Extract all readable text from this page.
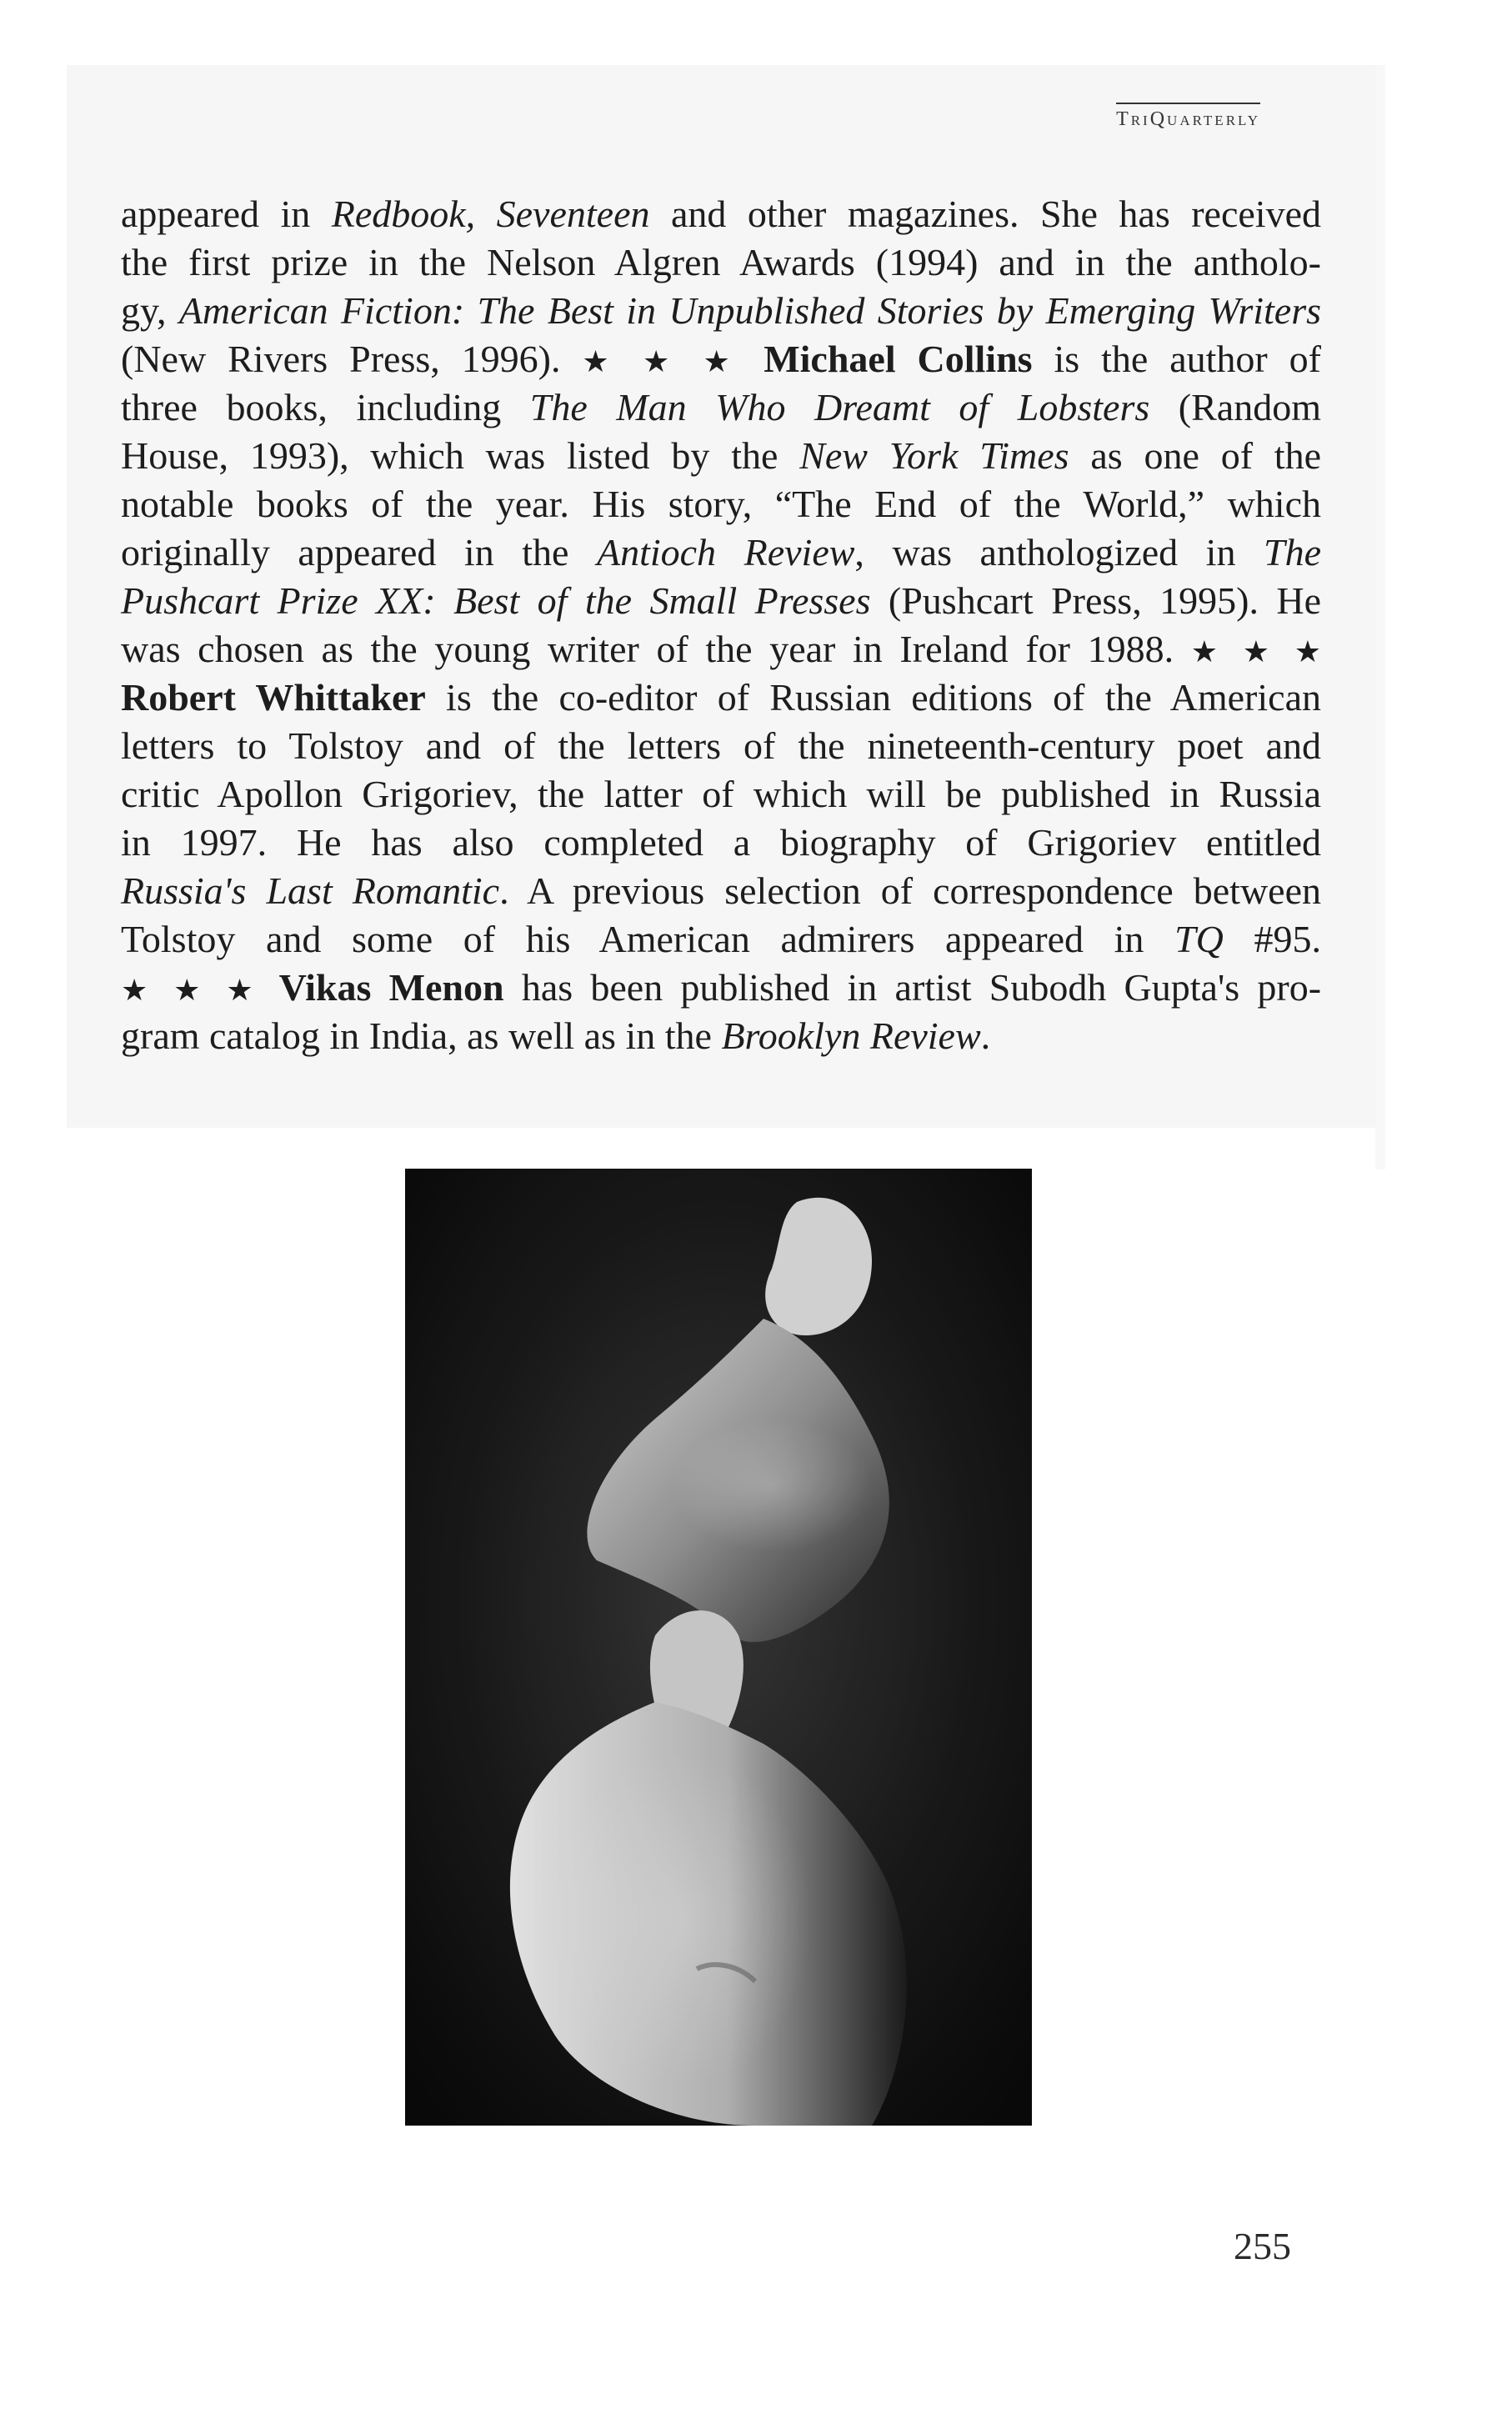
TriQuarterly
appeared in Redbook, Seventeen and other magazines. She has received
the first prize in the Nelson Algren Awards (1994) and in the antholo-
gy, American Fiction: The Best in Unpublished Stories by Emerging Writers
(New Rivers Press, 1996). ★ ★ ★ Michael Collins is the author of
three books, including The Man Who Dreamt of Lobsters (Random
House, 1993), which was listed by the New York Times as one of the
notable books of the year. His story, “The End of the World,” which
originally appeared in the Antioch Review, was anthologized in The
Pushcart Prize XX: Best of the Small Presses (Pushcart Press, 1995). He
was chosen as the young writer of the year in Ireland for 1988. ★ ★ ★
Robert Whittaker is the co-editor of Russian editions of the American
letters to Tolstoy and of the letters of the nineteenth-century poet and
critic Apollon Grigoriev, the latter of which will be published in Russia
in 1997. He has also completed a biography of Grigoriev entitled
Russia's Last Romantic. A previous selection of correspondence between
Tolstoy and some of his American admirers appeared in TQ #95.
★ ★ ★ Vikas Menon has been published in artist Subodh Gupta's pro-
gram catalog in India, as well as in the Brooklyn Review.
255
